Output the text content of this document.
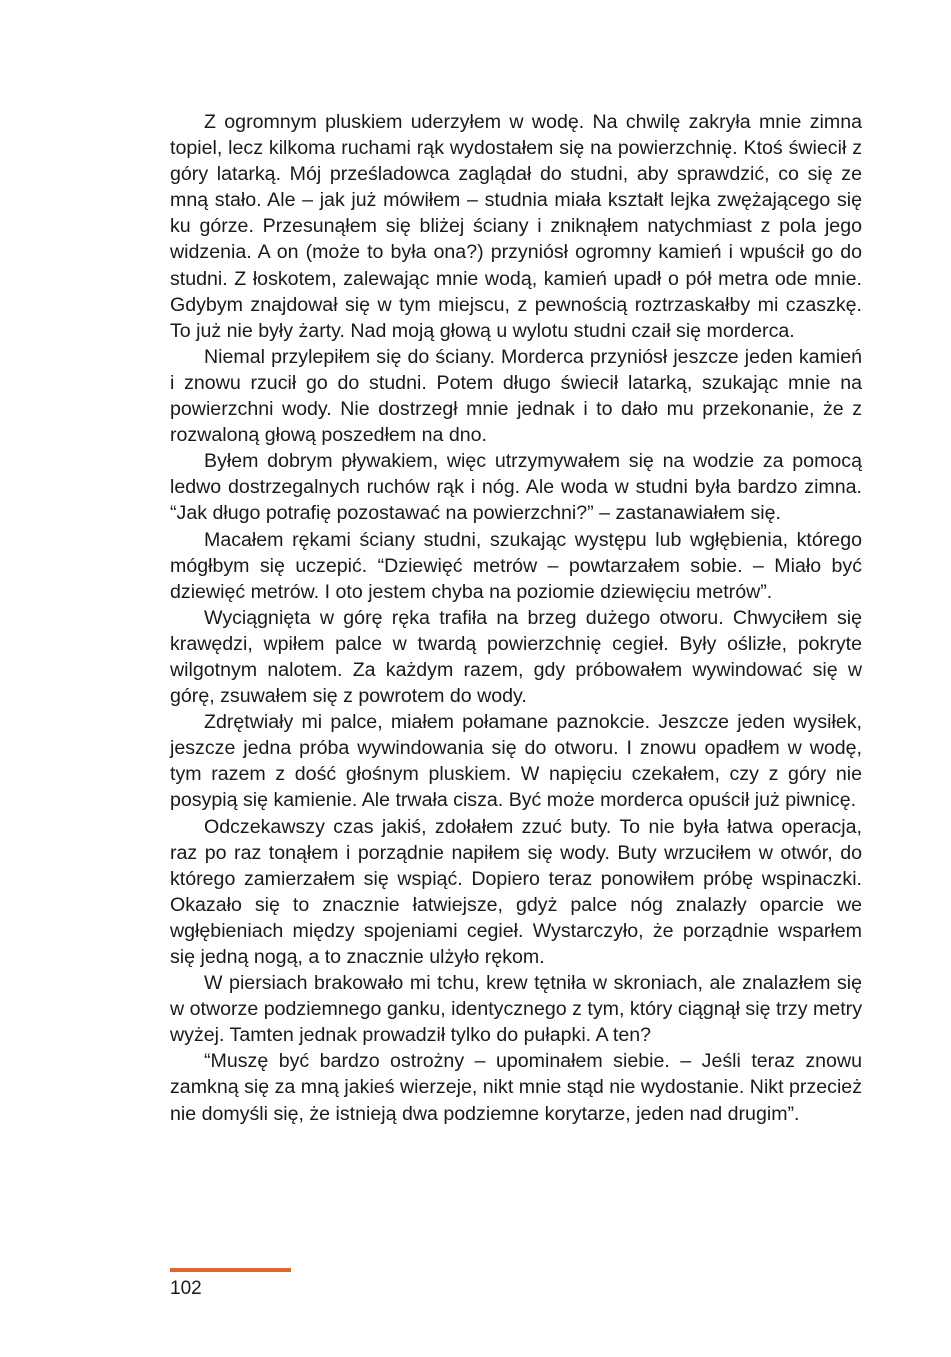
Z ogromnym pluskiem uderzyłem w wodę. Na chwilę zakryła mnie zimna topiel, lecz kilkoma ruchami rąk wydostałem się na powierzchnię. Ktoś świecił z góry latarką. Mój prześladowca zaglądał do studni, aby sprawdzić, co się ze mną stało. Ale – jak już mówiłem – studnia miała kształt lejka zwężającego się ku górze. Przesunąłem się bliżej ściany i zniknąłem natychmiast z pola jego widzenia. A on (może to była ona?) przyniósł ogromny kamień i wpuścił go do studni. Z łoskotem, zalewając mnie wodą, kamień upadł o pół metra ode mnie. Gdybym znajdował się w tym miejscu, z pewnością roztrzaskałby mi czaszkę. To już nie były żarty. Nad moją głową u wylotu studni czaił się morderca.

Niemal przylepiłem się do ściany. Morderca przyniósł jeszcze jeden kamień i znowu rzucił go do studni. Potem długo świecił latarką, szukając mnie na powierzchni wody. Nie dostrzegł mnie jednak i to dało mu przekonanie, że z rozwaloną głową poszedłem na dno.

Byłem dobrym pływakiem, więc utrzymywałem się na wodzie za pomocą ledwo dostrzegalnych ruchów rąk i nóg. Ale woda w studni była bardzo zimna. “Jak długo potrafię pozostawać na powierzchni?” – zastanawiałem się.

Macałem rękami ściany studni, szukając występu lub wgłębienia, którego mógłbym się uczepić. “Dziewięć metrów – powtarzałem sobie. – Miało być dziewięć metrów. I oto jestem chyba na poziomie dziewięciu metrów”.

Wyciągnięta w górę ręka trafiła na brzeg dużego otworu. Chwyciłem się krawędzi, wpiłem palce w twardą powierzchnię cegieł. Były oślizłe, pokryte wilgotnym nalotem. Za każdym razem, gdy próbowałem wywindować się w górę, zsuwałem się z powrotem do wody.

Zdrętwiały mi palce, miałem połamane paznokcie. Jeszcze jeden wysiłek, jeszcze jedna próba wywindowania się do otworu. I znowu opadłem w wodę, tym razem z dość głośnym pluskiem. W napięciu czekałem, czy z góry nie posypią się kamienie. Ale trwała cisza. Być może morderca opuścił już piwnicę.

Odczekawszy czas jakiś, zdołałem zzuć buty. To nie była łatwa operacja, raz po raz tonąłem i porządnie napiłem się wody. Buty wrzuciłem w otwór, do którego zamierzałem się wspiąć. Dopiero teraz ponowiłem próbę wspinaczki. Okazało się to znacznie łatwiejsze, gdyż palce nóg znalazły oparcie we wgłębieniach między spojeniami cegieł. Wystarczyło, że porządnie wsparłem się jedną nogą, a to znacznie ulżyło rękom.

W piersiach brakowało mi tchu, krew tętniła w skroniach, ale znalazłem się w otworze podziemnego ganku, identycznego z tym, który ciągnął się trzy metry wyżej. Tamten jednak prowadził tylko do pułapki. A ten?

“Muszę być bardzo ostrożny – upominałem siebie. – Jeśli teraz znowu zamkną się za mną jakieś wierzeje, nikt mnie stąd nie wydostanie. Nikt przecież nie domyśli się, że istnieją dwa podziemne korytarze, jeden nad drugim”.

102
